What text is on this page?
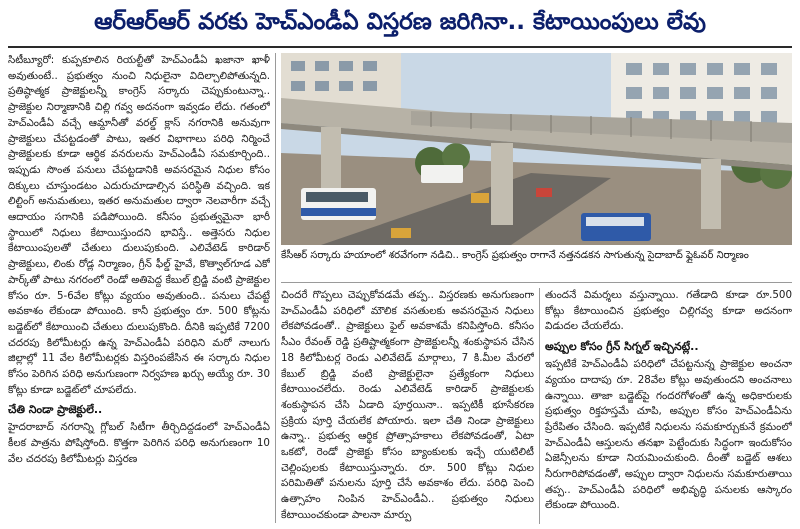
ఆర్‌ఆర్‌ఆర్ వరకు హెచ్‌ఎండీఏ విస్తరణ జరిగినా.. కేటాయింపులు లేవు

సిటీబ్యూరో: కుప్పకూలిన రియల్టీతో హెచ్‌ఎండీఏ ఖజానా ఖాళీ అవుతుంటే.. ప్రభుత్వం నుంచి నిధులైనా విదిల్చాలిపోతున్నది. ప్రతిష్ఠాత్మక ప్రాజెక్టులన్నీ కాంగ్రెస్ సర్కారు చెప్పుకుంటున్నా.. ప్రాజెక్టుల నిర్మాణానికి చిల్లి గవ్వ అదనంగా ఇవ్వడం లేదు. గతంలో హెచ్‌ఎండీఏ వచ్చే ఆమ్దానీతో వరల్డ్ క్లాస్ నగరానికి అనువుగా ప్రాజెక్టులు చేపట్టడంతో పాటు, ఇతర విభాగాలు పరిధి నిర్మించే ప్రాజెక్టులకు కూడా ఆర్థిక వనరులను హెచ్‌ఎండీఏ సమకూర్చింది.. ఇప్పుడు సొంత పనులు చేపట్టడానికి అవసరమైన నిధుల కోసం దిక్కులు చూస్తుండటం ఎదురుచూడాల్సిన పరిస్థితి వచ్చింది. ఇక లిల్టింగ్ అనుమతులు, ఇతర అనుమతుల ద్వారా నెలవారీగా వచ్చే ఆదాయం సగానికి పడిపోయింది. కనీసం ప్రభుత్వమైనా భారీ స్థాయిలో నిధులు కేటాయిస్తుందని భావిస్తే.. అత్తెసరు నిధుల కేటాయింపులతో చేతులు దులుపుకుంది. ఎలివేటెడ్ కారిడార్ ప్రాజెక్టులు, లింకు రోడ్ల నిర్మాణం, గ్రీన్ ఫీల్డ్ హైవే, కొత్వాల్‌గూడ ఎకో పార్క్‌తో పాటు నగరంలో రెండో అతిపెద్ద కేబుల్ బ్రిడ్జి వంటి ప్రాజెక్టుల కోసం రూ. 5-6వేల కోట్లు వ్యయం అవుతుంది.. పనులు చేపట్టే అవకాశం లేకుండా పోయింది. కానీ ప్రభుత్వం రూ. 500 కోట్లను బడ్జెట్‌లో కేటాయించి చేతులు దులుపుకొంది. దీనికి ఇప్పటికే 7200 చదరపు కిలోమీటర్లు ఉన్న హెచ్‌ఎండీఏ పరిధిని మరో నాలుగు జిల్లాల్లో 11 వేల కిలోమీటర్లకు విస్తరింపజేసిన ఈ సర్కారు నిధుల కోసం పెరిగిన పరిధి అనుగుణంగా నిర్వహణ ఖర్చు అయ్యే రూ. 30 కోట్లు కూడా బడ్జెట్‌లో చూపలేదు.

చేతి నిండా ప్రాజెక్టులే..

హైదరాబాద్ నగరాన్ని గ్లోబల్ సిటీగా తీర్చిదిద్దడంలో హెచ్‌ఎండీఏ కీలక పాత్రను పోషిస్తోంది. కొత్తగా పెరిగిన పరిధి అనుగుణంగా 10 వేల చదరపు కిలోమీటర్లు విస్తరణ

కేసీఆర్ సర్కారు హయాంలో శరవేగంగా నడిచి.. కాంగ్రెస్ ప్రభుత్వం రాగానే నత్తనడకన సాగుతున్న సైదాబాద్ ఫ్లైఓవర్ నిర్మాణం

చిందరే గొప్పలు చెప్పుకోవడమే తప్ప.. విస్తరణకు అనుగుణంగా హెచ్‌ఎండీఏ పరిధిలో మౌలిక వసతులకు అవసరమైన నిధులు లేకపోవడంతో.. ప్రాజెక్టులు ఫైల్ అవకాశమే కనిపిస్తోంది. కనీసం సీఎం రేవంత్ రెడ్డి ప్రతిష్టాత్మకంగా ప్రాజెక్టులన్నీ శంకుస్థాపన చేసిన 18 కిలోమీటర్ల రెండు ఎలివేటెడ్ మార్గాలు, 7 కి.మీల మేరలో కేబుల్ బ్రిడ్జి వంటి ప్రాజెక్టులైనా ప్రత్యేకంగా నిధులు కేటాయించలేదు. రెండు ఎలివేటెడ్ కారిడార్ ప్రాజెక్టులకు శంకుస్థాపన చేసి ఏడాది పూర్తయినా.. ఇప్పటికీ భూసేకరణ ప్రక్రియ పూర్తి చేయలేక పోయారు. ఇలా చేతి నిండా ప్రాజెక్టులు ఉన్నా.. ప్రభుత్వ ఆర్థిక ప్రోత్సాహకాలు లేకపోవడంతో, ఏటా ఒకటో, రెండో ప్రాజెక్టు కోసం బ్యాంకులకు ఇచ్చే యుటిలిటీ చెల్లింపులకు కేటాయిస్తున్నారు. రూ. 500 కోట్లు నిధుల పరిమితితో పనులను పూర్తి చేసే అవకాశం లేదు. పరిధి పెంచి ఉత్సాహం నింపిన హెచ్‌ఎండీఏ.. ప్రభుత్వం నిధులు కేటాయించకుండా పాలనా మార్పు

తుందనే విమర్శలు వస్తున్నాయి. గతేడాది కూడా రూ.500 కోట్లు కేటాయించిన ప్రభుత్వం చిల్లిగవ్వ కూడా అదనంగా విడుదల చేయలేదు.

అప్పుల కోసం గ్రీన్ సిగ్నల్ ఇచ్చినట్లే..

ఇప్పటికే హెచ్‌ఎండీఏ పరిధిలో చేపట్టనున్న ప్రాజెక్టుల అంచనా వ్యయం దాదాపు రూ. 28వేల కోట్లు అవుతుందని అంచనాలు ఉన్నాయి. తాజా బడ్జెట్‌పై గందరగోళంతో ఉన్న అధికారులకు ప్రభుత్వం రిక్తహస్తమే చూపి, అప్పుల కోసం హెచ్‌ఎండీఏను ప్రేరేపితం చేసింది. ఇప్పటికే నిధులను సమకూర్చుకునే క్రమంలో హెచ్‌ఎండీఏ ఆస్తులను తనఖా పెట్టేందుకు సిద్ధంగా ఇందుకోసం ఏజెన్సీలను కూడా నియమించుకుంది. దీంతో బడ్జెట్ ఆశలు నీరుగారిపోవడంతో, అప్పుల ద్వారా నిధులను సమకూరుతాయి తప్ప.. హెచ్‌ఎండీఏ పరిధిలో అభివృద్ధి పనులకు ఆస్కారం లేకుండా పోయింది.
